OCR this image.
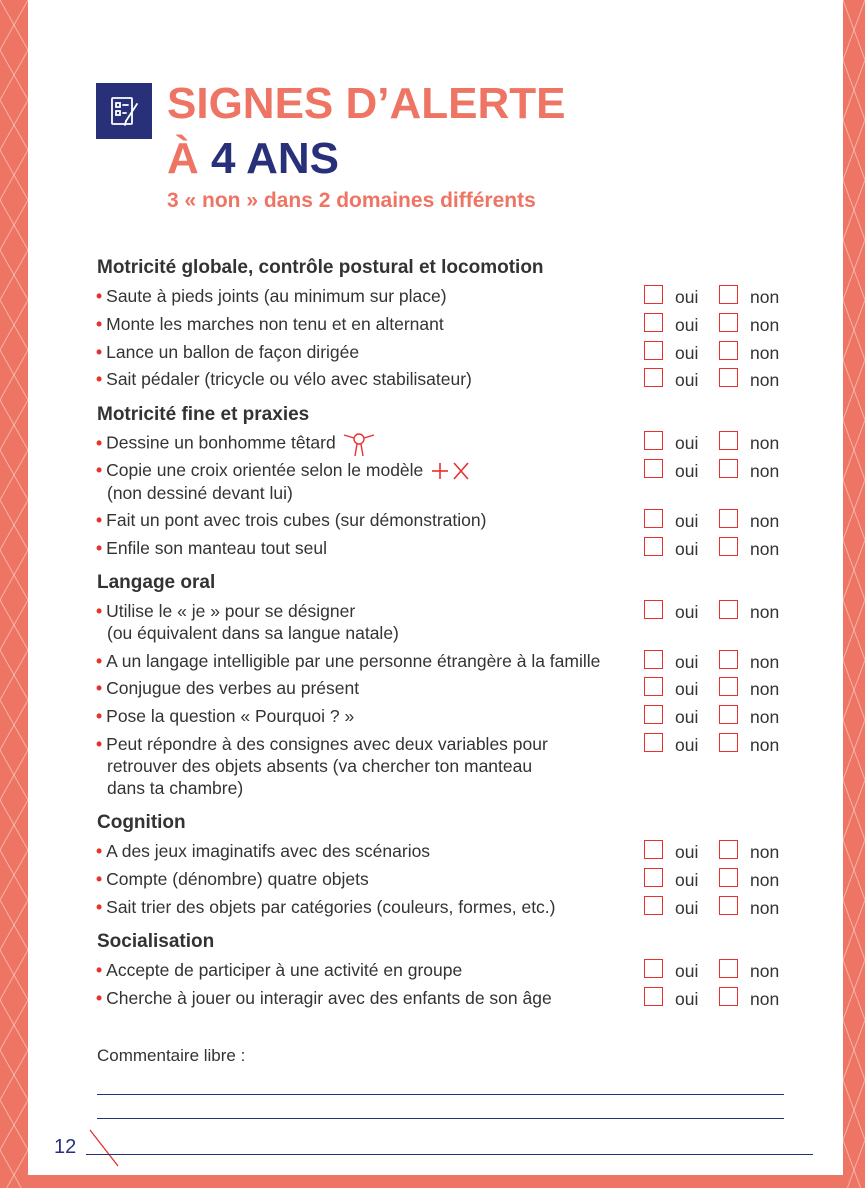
SIGNES D’ALERTE
À 4 ANS
3 « non » dans 2 domaines différents
Motricité globale, contrôle postural et locomotion
• Saute à pieds joints (au minimum sur place)	oui	non
• Monte les marches non tenu et en alternant	oui	non
• Lance un ballon de façon dirigée	oui	non
• Sait pédaler (tricycle ou vélo avec stabilisateur)	oui	non
Motricité fine et praxies
• Dessine un bonhomme têtard	oui	non
• Copie une croix orientée selon le modèle
(non dessiné devant lui)
oui	non
• Fait un pont avec trois cubes (sur démonstration)	oui	non
• Enfile son manteau tout seul	oui	non
Langage oral
• Utilise le « je » pour se désigner
(ou équivalent dans sa langue natale)
oui	non
• A un langage intelligible par une personne étrangère à la famille	oui	non
• Conjugue des verbes au présent	oui	non
• Pose la question « Pourquoi ? »	oui	non
• Peut répondre à des consignes avec deux variables pour
retrouver des objets absents (va chercher ton manteau
dans ta chambre)
oui	non
Cognition
• A des jeux imaginatifs avec des scénarios	oui	non
• Compte (dénombre) quatre objets	oui	non
• Sait trier des objets par catégories (couleurs, formes, etc.)	oui	non
Socialisation
• Accepte de participer à une activité en groupe	oui	non
• Cherche à jouer ou interagir avec des enfants de son âge	oui	non
Commentaire libre :
12
